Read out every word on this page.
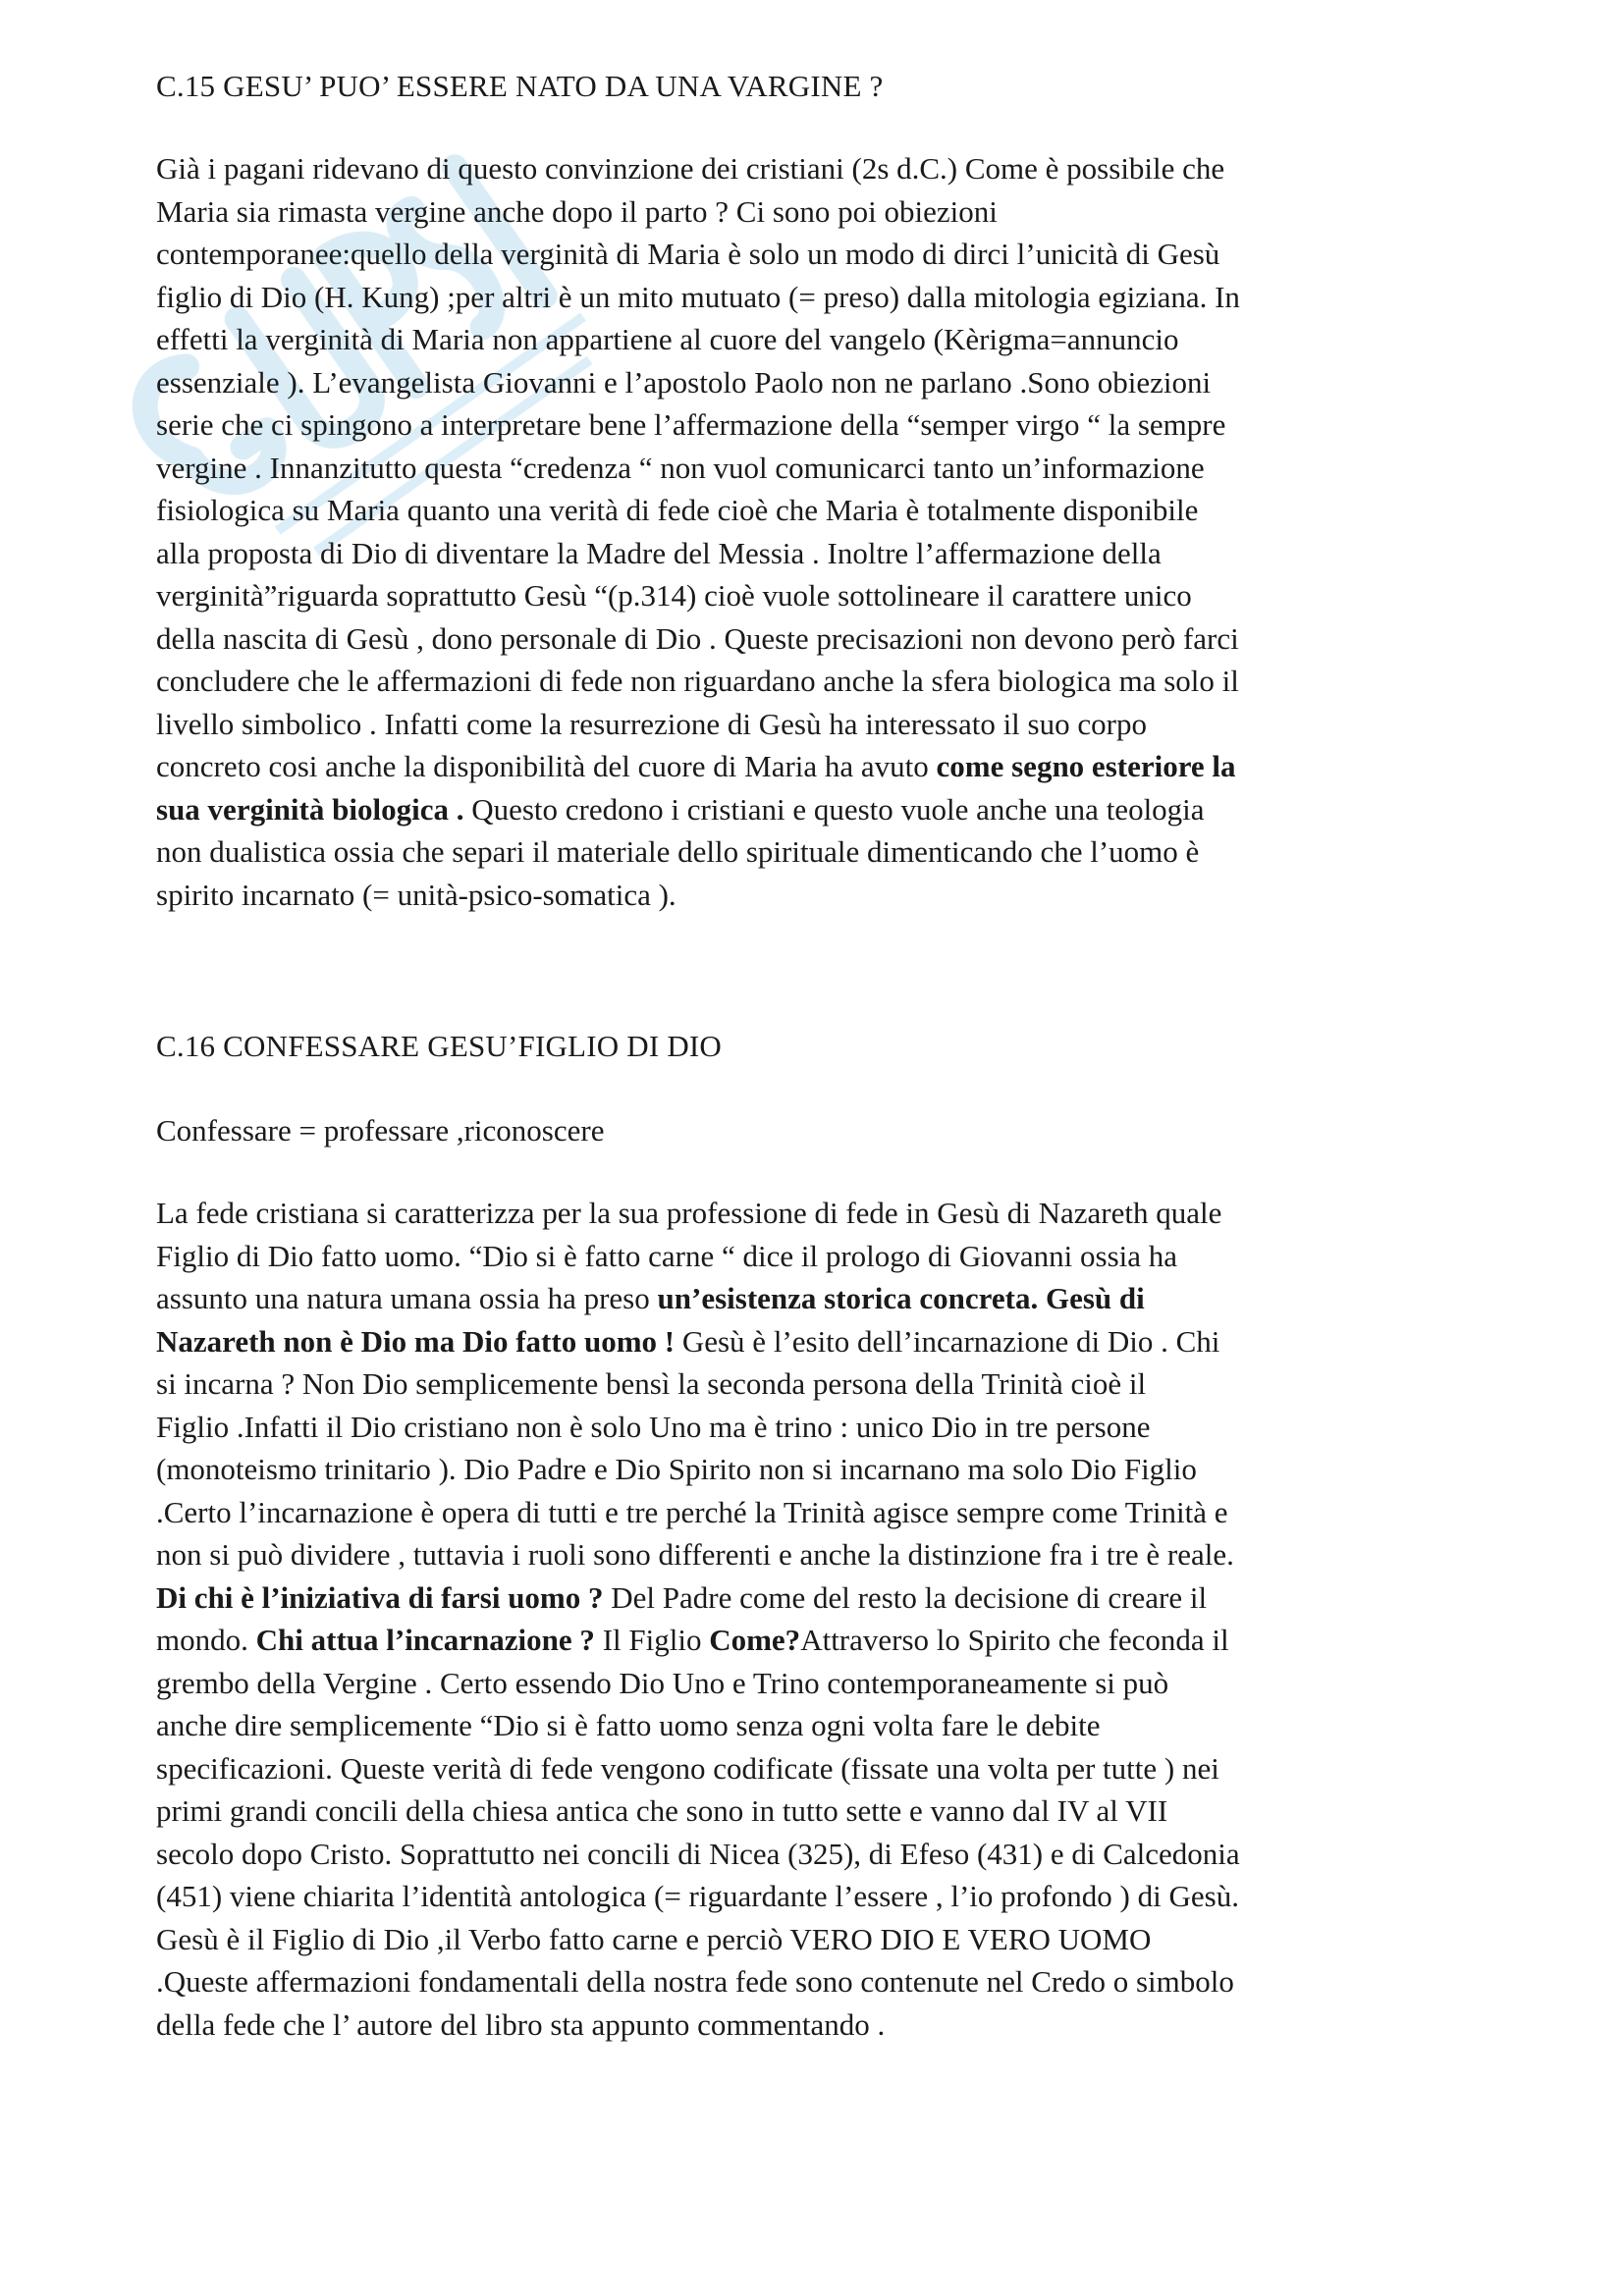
C.15 GESU’ PUO’ ESSERE NATO DA UNA VARGINE ?
Già i pagani ridevano di questo convinzione dei cristiani (2s d.C.) Come è possibile che
Maria sia rimasta vergine anche dopo il parto ? Ci sono poi obiezioni
contemporanee:quello della verginità di Maria è solo un modo di dirci l’unicità di Gesù
figlio di Dio (H. Kung) ;per altri è un mito mutuato (= preso) dalla mitologia egiziana. In
effetti la verginità di Maria non appartiene al cuore del vangelo (Kèrigma=annuncio
essenziale ). L’evangelista Giovanni e l’apostolo Paolo non ne parlano .Sono obiezioni
serie che ci spingono a interpretare bene l’affermazione della “semper virgo “ la sempre
vergine . Innanzitutto questa “credenza “ non vuol comunicarci tanto un’informazione
fisiologica su Maria quanto una verità di fede cioè che Maria è totalmente disponibile
alla proposta di Dio di diventare la Madre del Messia . Inoltre l’affermazione della
verginità”riguarda soprattutto Gesù “(p.314) cioè vuole sottolineare il carattere unico
della nascita di Gesù , dono personale di Dio . Queste precisazioni non devono però farci
concludere che le affermazioni di fede non riguardano anche la sfera biologica ma solo il
livello simbolico . Infatti come la resurrezione di Gesù ha interessato il suo corpo
concreto cosi anche la disponibilità del cuore di Maria ha avuto come segno esteriore la
sua verginità biologica . Questo credono i cristiani e questo vuole anche una teologia
non dualistica ossia che separi il materiale dello spirituale dimenticando che l’uomo è
spirito incarnato (= unità-psico-somatica ).
C.16 CONFESSARE GESU’FIGLIO DI DIO

Confessare = professare ,riconoscere

La fede cristiana si caratterizza per la sua professione di fede in Gesù di Nazareth quale
Figlio di Dio fatto uomo. “Dio si è fatto carne “ dice il prologo di Giovanni ossia ha
assunto una natura umana ossia ha preso un’esistenza storica concreta. Gesù di
Nazareth non è Dio ma Dio fatto uomo ! Gesù è l’esito dell’incarnazione di Dio . Chi
si incarna ? Non Dio semplicemente bensì la seconda persona della Trinità cioè il
Figlio .Infatti il Dio cristiano non è solo Uno ma è trino : unico Dio in tre persone
(monoteismo trinitario ). Dio Padre e Dio Spirito non si incarnano ma solo Dio Figlio
.Certo l’incarnazione è opera di tutti e tre perché la Trinità agisce sempre come Trinità e
non si può dividere , tuttavia i ruoli sono differenti e anche la distinzione fra i tre è reale.
Di chi è l’iniziativa di farsi uomo ? Del Padre come del resto la decisione di creare il
mondo. Chi attua l’incarnazione ? Il Figlio Come?Attraverso lo Spirito che feconda il
grembo della Vergine . Certo essendo Dio Uno e Trino contemporaneamente si può
anche dire semplicemente “Dio si è fatto uomo senza ogni volta fare le debite
specificazioni. Queste verità di fede vengono codificate (fissate una volta per tutte ) nei
primi grandi concili della chiesa antica che sono in tutto sette e vanno dal IV al VII
secolo dopo Cristo. Soprattutto nei concili di Nicea (325), di Efeso (431) e di Calcedonia
(451) viene chiarita l’identità antologica (= riguardante l’essere , l’io profondo ) di Gesù.
Gesù è il Figlio di Dio ,il Verbo fatto carne e perciò VERO DIO E VERO UOMO
.Queste affermazioni fondamentali della nostra fede sono contenute nel Credo o simbolo
della fede che l’ autore del libro sta appunto commentando .
